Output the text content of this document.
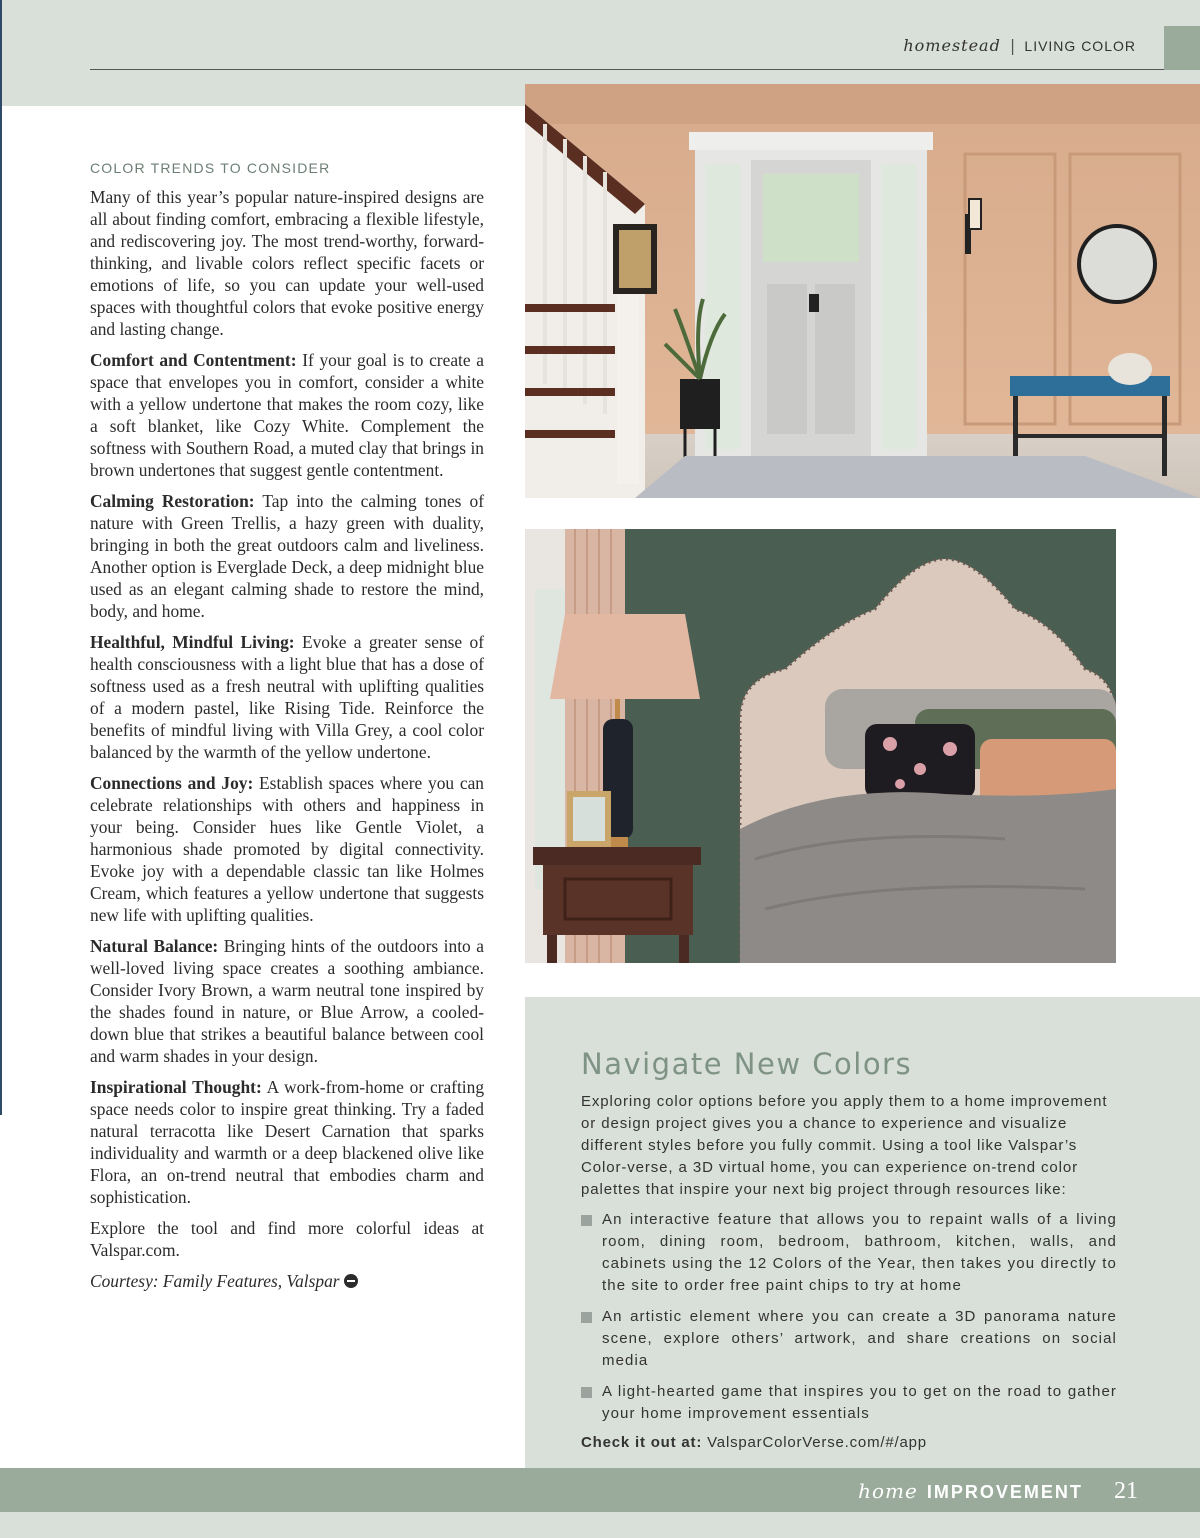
homestead | LIVING COLOR
COLOR TRENDS TO CONSIDER

Many of this year’s popular nature-inspired designs are all about finding comfort, embracing a flexible lifestyle, and rediscovering joy. The most trend-worthy, forward-thinking, and livable colors reflect specific facets or emotions of life, so you can update your well-used spaces with thoughtful colors that evoke positive energy and lasting change.

Comfort and Contentment: If your goal is to create a space that envelopes you in comfort, consider a white with a yellow undertone that makes the room cozy, like a soft blanket, like Cozy White. Complement the softness with Southern Road, a muted clay that brings in brown undertones that suggest gentle contentment.

Calming Restoration: Tap into the calming tones of nature with Green Trellis, a hazy green with duality, bringing in both the great outdoors calm and liveliness. Another option is Everglade Deck, a deep midnight blue used as an elegant calming shade to restore the mind, body, and home.

Healthful, Mindful Living: Evoke a greater sense of health consciousness with a light blue that has a dose of softness used as a fresh neutral with uplifting qualities of a modern pastel, like Rising Tide. Reinforce the benefits of mindful living with Villa Grey, a cool color balanced by the warmth of the yellow undertone.

Connections and Joy: Establish spaces where you can celebrate relationships with others and happiness in your being. Consider hues like Gentle Violet, a harmonious shade promoted by digital connectivity. Evoke joy with a dependable classic tan like Holmes Cream, which features a yellow undertone that suggests new life with uplifting qualities.

Natural Balance: Bringing hints of the outdoors into a well-loved living space creates a soothing ambiance. Consider Ivory Brown, a warm neutral tone inspired by the shades found in nature, or Blue Arrow, a cooled-down blue that strikes a beautiful balance between cool and warm shades in your design.

Inspirational Thought: A work-from-home or crafting space needs color to inspire great thinking. Try a faded natural terracotta like Desert Carnation that sparks individuality and warmth or a deep blackened olive like Flora, an on-trend neutral that embodies charm and sophistication.

Explore the tool and find more colorful ideas at Valspar.com.

Courtesy: Family Features, Valspar

Navigate New Colors

Exploring color options before you apply them to a home improvement or design project gives you a chance to experience and visualize different styles before you fully commit. Using a tool like Valspar’s Color-verse, a 3D virtual home, you can experience on-trend color palettes that inspire your next big project through resources like:

An interactive feature that allows you to repaint walls of a living room, dining room, bedroom, bathroom, kitchen, walls, and cabinets using the 12 Colors of the Year, then takes you directly to the site to order free paint chips to try at home
An artistic element where you can create a 3D panorama nature scene, explore others’ artwork, and share creations on social media
A light-hearted game that inspires you to get on the road to gather your home improvement essentials

Check it out at: ValsparColorVerse.com/#/app

home IMPROVEMENT 21
